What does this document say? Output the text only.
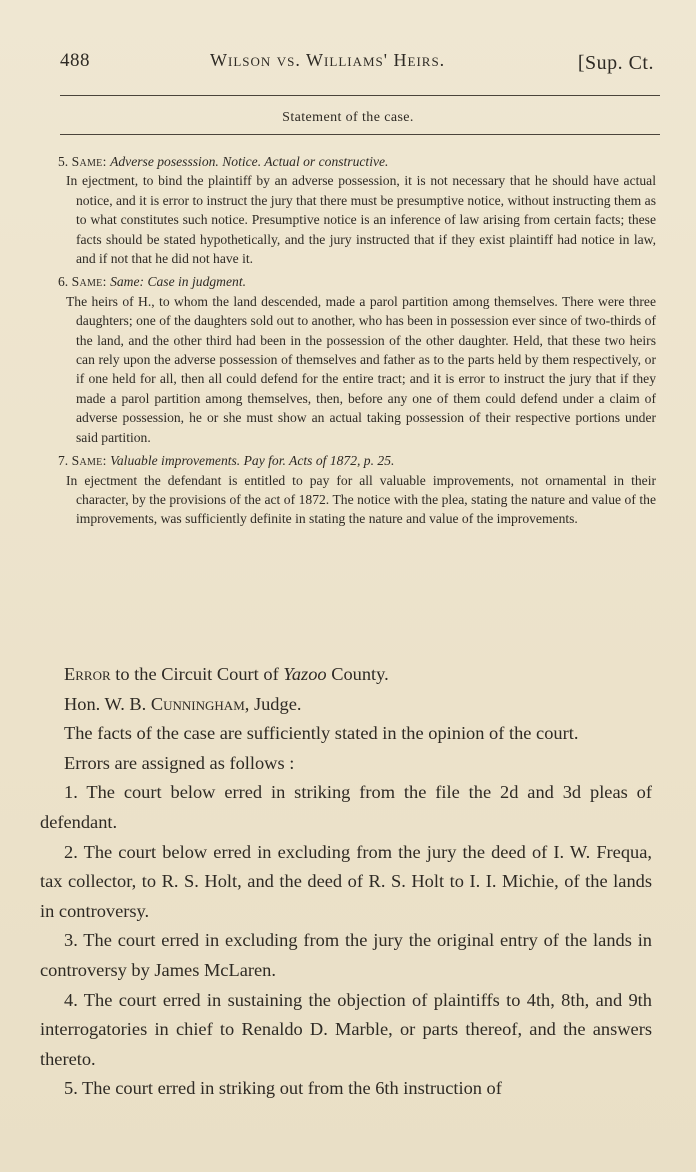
488	Wilson vs. Williams' Heirs.	[Sup. Ct.
Statement of the case.
5. Same: Adverse posesssion. Notice. Actual or constructive.
In ejectment, to bind the plaintiff by an adverse possession, it is not necessary that he should have actual notice, and it is error to instruct the jury that there must be presumptive notice, without instructing them as to what constitutes such notice. Presumptive notice is an inference of law arising from certain facts; these facts should be stated hypothetically, and the jury instructed that if they exist plaintiff had notice in law, and if not that he did not have it.
6. Same: Same: Case in judgment.
The heirs of H., to whom the land descended, made a parol partition among themselves. There were three daughters; one of the daughters sold out to another, who has been in possession ever since of two-thirds of the land, and the other third had been in the possession of the other daughter. Held, that these two heirs can rely upon the adverse possession of themselves and father as to the parts held by them respectively, or if one held for all, then all could defend for the entire tract; and it is error to instruct the jury that if they made a parol partition among themselves, then, before any one of them could defend under a claim of adverse possession, he or she must show an actual taking possession of their respective portions under said partition.
7. Same: Valuable improvements. Pay for. Acts of 1872, p. 25.
In ejectment the defendant is entitled to pay for all valuable improvements, not ornamental in their character, by the provisions of the act of 1872. The notice with the plea, stating the nature and value of the improvements, was sufficiently definite in stating the nature and value of the improvements.

Error to the Circuit Court of Yazoo County.

Hon. W. B. Cunningham, Judge.

The facts of the case are sufficiently stated in the opinion of the court.

Errors are assigned as follows :

1. The court below erred in striking from the file the 2d and 3d pleas of defendant.

2. The court below erred in excluding from the jury the deed of I. W. Frequa, tax collector, to R. S. Holt, and the deed of R. S. Holt to I. I. Michie, of the lands in controversy.

3. The court erred in excluding from the jury the original entry of the lands in controversy by James McLaren.

4. The court erred in sustaining the objection of plaintiffs to 4th, 8th, and 9th interrogatories in chief to Renaldo D. Marble, or parts thereof, and the answers thereto.

5. The court erred in striking out from the 6th instruction of
